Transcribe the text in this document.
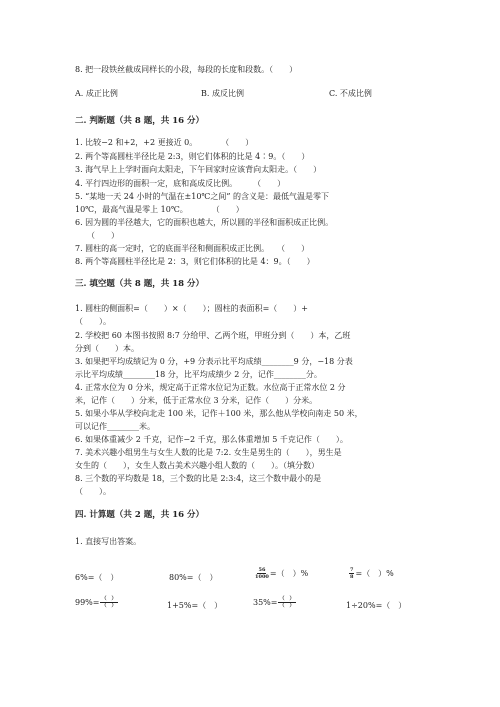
8. 把一段铁丝截成同样长的小段，每段的长度和段数。（　　）
A. 成正比例	B. 成反比例	C. 不成比例
二. 判断题（共 8 题，共 16 分）
1. 比较−2 和+2，+2 更接近 0。　　　　（　　）
2. 两个等高圆柱半径比是 2:3，则它们体积的比是 4∶9。（　　）
3. 海气早上上学时面向太阳走，下午回家时应该背向太阳走。（　　）
4. 平行四边形的面积一定，底和高成反比例。　　　（　　）
5. “某地一天 24 小时的气温在±10℃之间” 的含义是：最低气温是零下
10℃，最高气温是零上 10℃。　　　　（　　）
6. 因为圆的半径越大，它的面积也越大，所以圆的半径和面积成正比例。
　　（　　）
7. 圆柱的高一定时，它的底面半径和侧面积成正比例。　　（　　）
8. 两个等高圆柱半径比是 2：3，则它们体积的比是 4：9。（　　）
三. 填空题（共 8 题，共 18 分）
1. 圆柱的侧面积=（　　）×（　　）；圆柱的表面积=（　　）+
（　　）。
2. 学校把 60 本图书按照 8:7 分给甲、乙两个班，甲班分到（　　）本，乙班
分到（　　）本。
3. 如果把平均成绩记为 0 分，+9 分表示比平均成绩________9 分，−18 分表
示比平均成绩________18 分，比平均成绩少 2 分，记作________分。
4. 正常水位为 0 分米，规定高于正常水位记为正数。水位高于正常水位 2 分
米，记作（　　）分米，低于正常水位 3 分米，记作（　　）分米。
5. 如果小华从学校向北走 100 米，记作＋100 米，那么他从学校向南走 50 米，
可以记作________米。
6. 如果体重减少 2 千克，记作−2 千克，那么体重增加 5 千克记作（　　）。
7. 美术兴趣小组男生与女生人数的比是 7:2. 女生是男生的（　　），男生是
女生的（　　），女生人数占美术兴趣小组人数的（　　）。（填分数）
8. 三个数的平均数是 18，三个数的比是 2:3:4，这三个数中最小的是
（　　）。
四. 计算题（共 2 题，共 16 分）
1. 直接写出答案。
6%=（　）	80%=（　）	$\frac{56}{1000}$ =（　）%	$\frac{7}{8}$ =（　）%
$99\%= \frac{( )}{( )}$	1+5%=（　）	$35\%= \frac{( )}{( )}$	1÷20%=（　）
